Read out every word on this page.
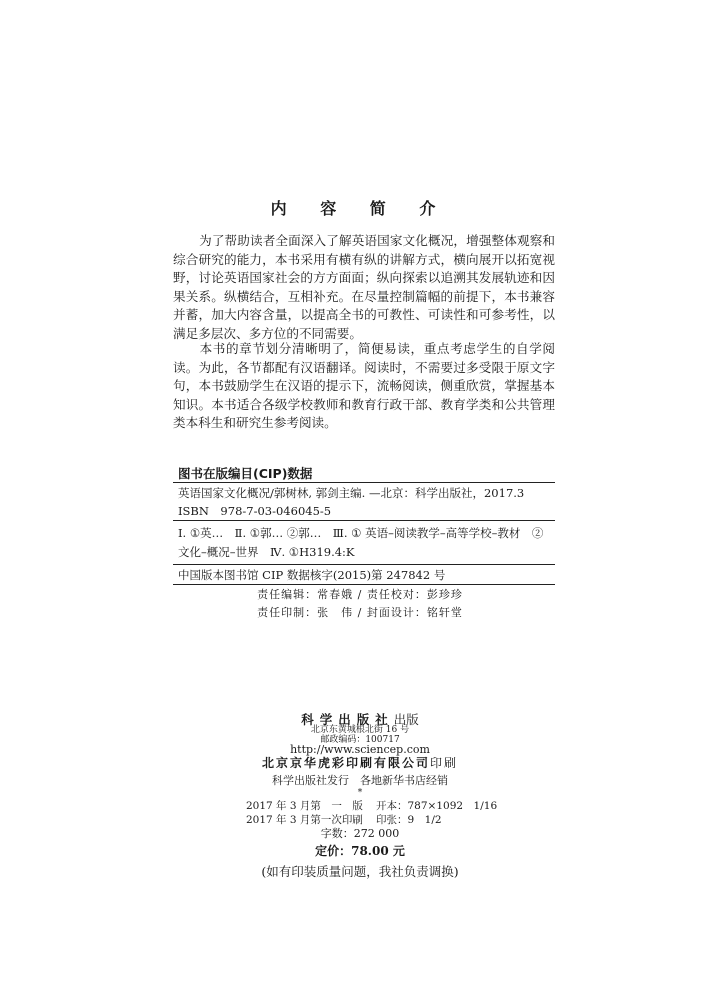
内 容 简 介

为了帮助读者全面深入了解英语国家文化概况，增强整体观察和综合研究的能力，本书采用有横有纵的讲解方式，横向展开以拓宽视野，讨论英语国家社会的方方面面；纵向探索以追溯其发展轨迹和因果关系。纵横结合，互相补充。在尽量控制篇幅的前提下，本书兼容并蓄，加大内容含量，以提高全书的可教性、可读性和可参考性，以满足多层次、多方位的不同需要。

本书的章节划分清晰明了，简便易读，重点考虑学生的自学阅读。为此，各节都配有汉语翻译。阅读时，不需要过多受限于原文字句，本书鼓励学生在汉语的提示下，流畅阅读，侧重欣赏，掌握基本知识。本书适合各级学校教师和教育行政干部、教育学类和公共管理类本科生和研究生参考阅读。

图书在版编目(CIP)数据
英语国家文化概况/郭树林, 郭剑主编. —北京：科学出版社，2017.3
ISBN　978-7-03-046045-5
Ⅰ. ①英…　Ⅱ. ①郭… ②郭…　Ⅲ. ① 英语–阅读教学–高等学校–教材　②文化–概况–世界　Ⅳ. ①H319.4:K
中国版本图书馆 CIP 数据核字(2015)第 247842 号
责任编辑：常春娥 / 责任校对：彭珍珍
责任印制：张　伟 / 封面设计：铭轩堂
科学出版社出版
北京东黄城根北街 16 号
邮政编码：100717
http://www.sciencep.com
北京京华虎彩印刷有限公司印刷
科学出版社发行　各地新华书店经销
*
2017 年 3 月第　一　版 开本：787×1092　1/16
2017 年 3 月第一次印刷 印张：9　1/2
字数：272 000
定价：78.00 元
(如有印装质量问题，我社负责调换)
